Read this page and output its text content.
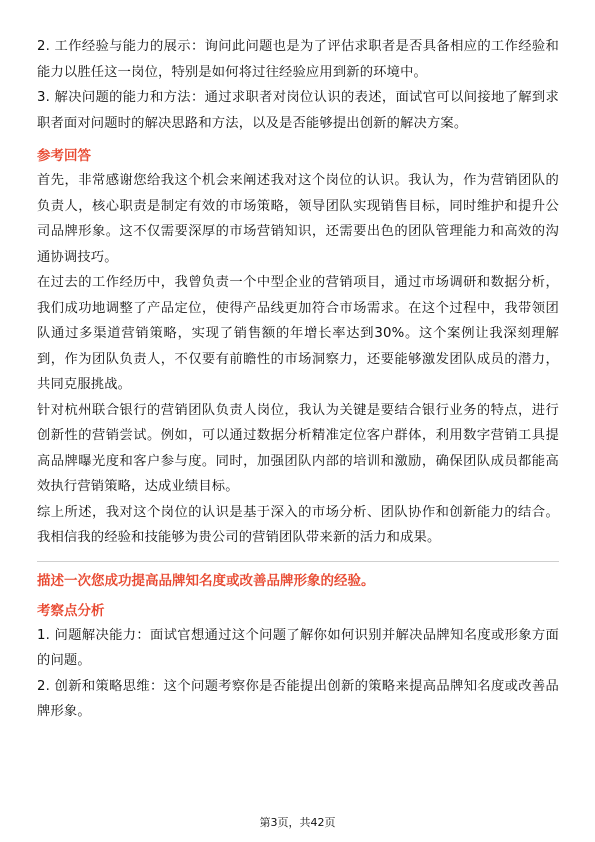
2. 工作经验与能力的展示：询问此问题也是为了评估求职者是否具备相应的工作经验和能力以胜任这一岗位，特别是如何将过往经验应用到新的环境中。

3. 解决问题的能力和方法：通过求职者对岗位认识的表述，面试官可以间接地了解到求职者面对问题时的解决思路和方法，以及是否能够提出创新的解决方案。

参考回答

首先，非常感谢您给我这个机会来阐述我对这个岗位的认识。我认为，作为营销团队的负责人，核心职责是制定有效的市场策略，领导团队实现销售目标，同时维护和提升公司品牌形象。这不仅需要深厚的市场营销知识，还需要出色的团队管理能力和高效的沟通协调技巧。

在过去的工作经历中，我曾负责一个中型企业的营销项目，通过市场调研和数据分析，我们成功地调整了产品定位，使得产品线更加符合市场需求。在这个过程中，我带领团队通过多渠道营销策略，实现了销售额的年增长率达到30%。这个案例让我深刻理解到，作为团队负责人，不仅要有前瞻性的市场洞察力，还要能够激发团队成员的潜力，共同克服挑战。

针对杭州联合银行的营销团队负责人岗位，我认为关键是要结合银行业务的特点，进行创新性的营销尝试。例如，可以通过数据分析精准定位客户群体，利用数字营销工具提高品牌曝光度和客户参与度。同时，加强团队内部的培训和激励，确保团队成员都能高效执行营销策略，达成业绩目标。

综上所述，我对这个岗位的认识是基于深入的市场分析、团队协作和创新能力的结合。我相信我的经验和技能够为贵公司的营销团队带来新的活力和成果。

描述一次您成功提高品牌知名度或改善品牌形象的经验。

考察点分析

1. 问题解决能力：面试官想通过这个问题了解你如何识别并解决品牌知名度或形象方面的问题。

2. 创新和策略思维：这个问题考察你是否能提出创新的策略来提高品牌知名度或改善品牌形象。

第3页，共42页
